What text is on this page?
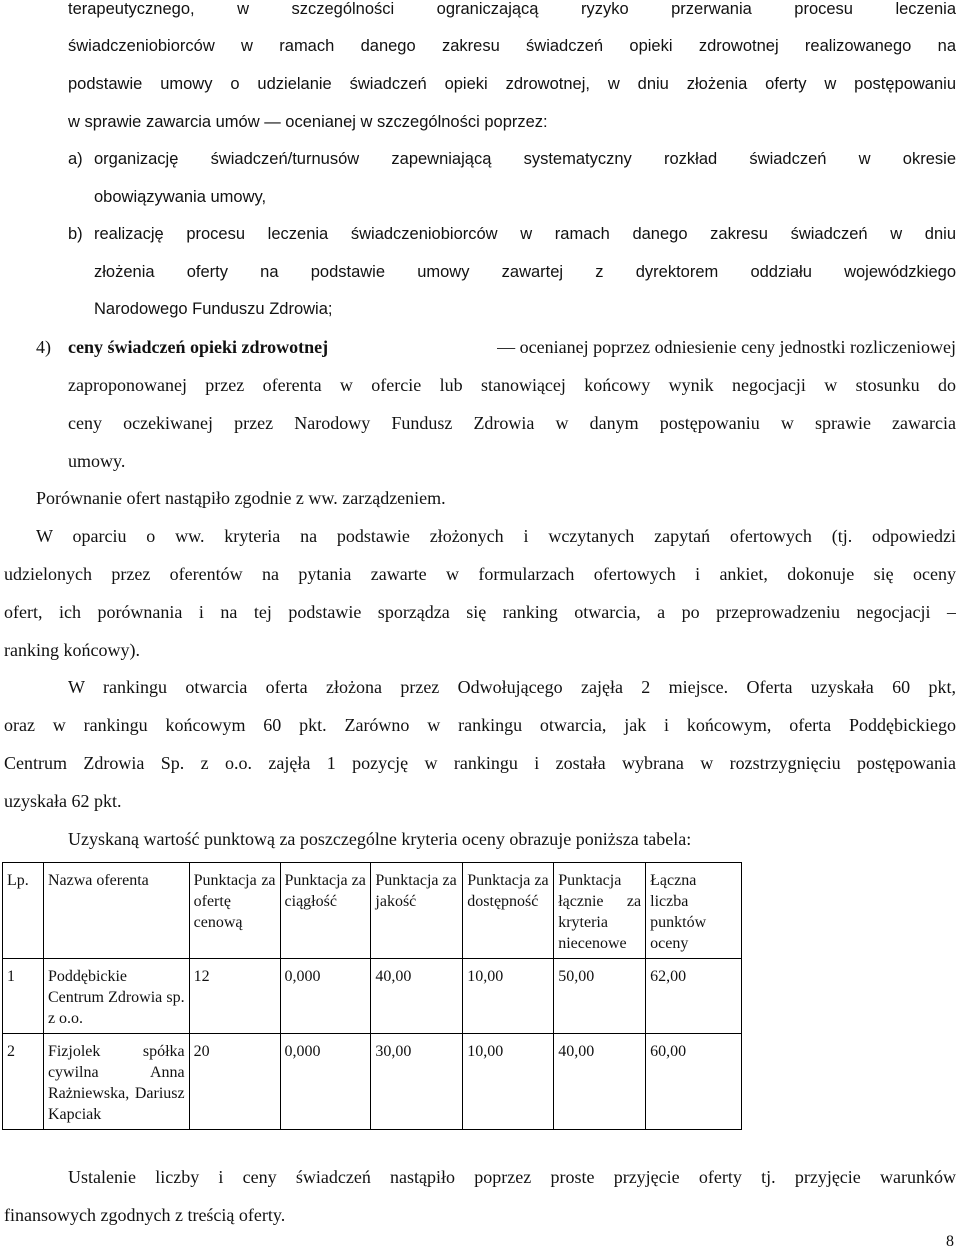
terapeutycznego, w szczególności ograniczającą ryzyko przerwania procesu leczenia
świadczeniobiorców w ramach danego zakresu świadczeń opieki zdrowotnej realizowanego na
podstawie umowy o udzielanie świadczeń opieki zdrowotnej, w dniu złożenia oferty w postępowaniu
w sprawie zawarcia umów — ocenianej w szczególności poprzez:
a) organizację świadczeń/turnusów zapewniającą systematyczny rozkład świadczeń w okresie
obowiązywania umowy,
b) realizację procesu leczenia świadczeniobiorców w ramach danego zakresu świadczeń w dniu
złożenia oferty na podstawie umowy zawartej z dyrektorem oddziału wojewódzkiego
Narodowego Funduszu Zdrowia;
4) ceny świadczeń opieki zdrowotnej	— ocenianej poprzez odniesienie ceny jednostki rozliczeniowej
zaproponowanej przez oferenta w ofercie lub stanowiącej końcowy wynik negocjacji w stosunku do
ceny oczekiwanej przez Narodowy Fundusz Zdrowia w danym postępowaniu w sprawie zawarcia
umowy.
Porównanie ofert nastąpiło zgodnie z ww. zarządzeniem.
W oparciu o ww. kryteria na podstawie złożonych i wczytanych zapytań ofertowych (tj. odpowiedzi
udzielonych przez oferentów na pytania zawarte w formularzach ofertowych i ankiet, dokonuje się oceny
ofert, ich porównania i na tej podstawie sporządza się ranking otwarcia, a po przeprowadzeniu negocjacji –
ranking końcowy).
W rankingu otwarcia oferta złożona przez Odwołującego zajęła 2 miejsce. Oferta uzyskała 60 pkt,
oraz w rankingu końcowym 60 pkt. Zarówno w rankingu otwarcia, jak i końcowym, oferta Poddębickiego
Centrum Zdrowia Sp. z o.o. zajęła 1 pozycję w rankingu i została wybrana w rozstrzygnięciu postępowania
uzyskała 62 pkt.
Uzyskaną wartość punktową za poszczególne kryteria oceny obrazuje poniższa tabela:
Lp.	Nazwa oferenta	Punktacja za ofertę cenową	Punktacja za ciągłość	Punktacja za jakość	Punktacja za dostępność	Punktacja łącznie za kryteria niecenowe	Łączna liczba punktów oceny
1	Poddębickie Centrum Zdrowia sp. z o.o.	12	0,000	40,00	10,00	50,00	62,00
2	Fizjolek spółka cywilna Anna Rażniewska, Dariusz Kapciak	20	0,000	30,00	10,00	40,00	60,00
Ustalenie liczby i ceny świadczeń nastąpiło poprzez proste przyjęcie oferty tj. przyjęcie warunków
finansowych zgodnych z treścią oferty.
8
